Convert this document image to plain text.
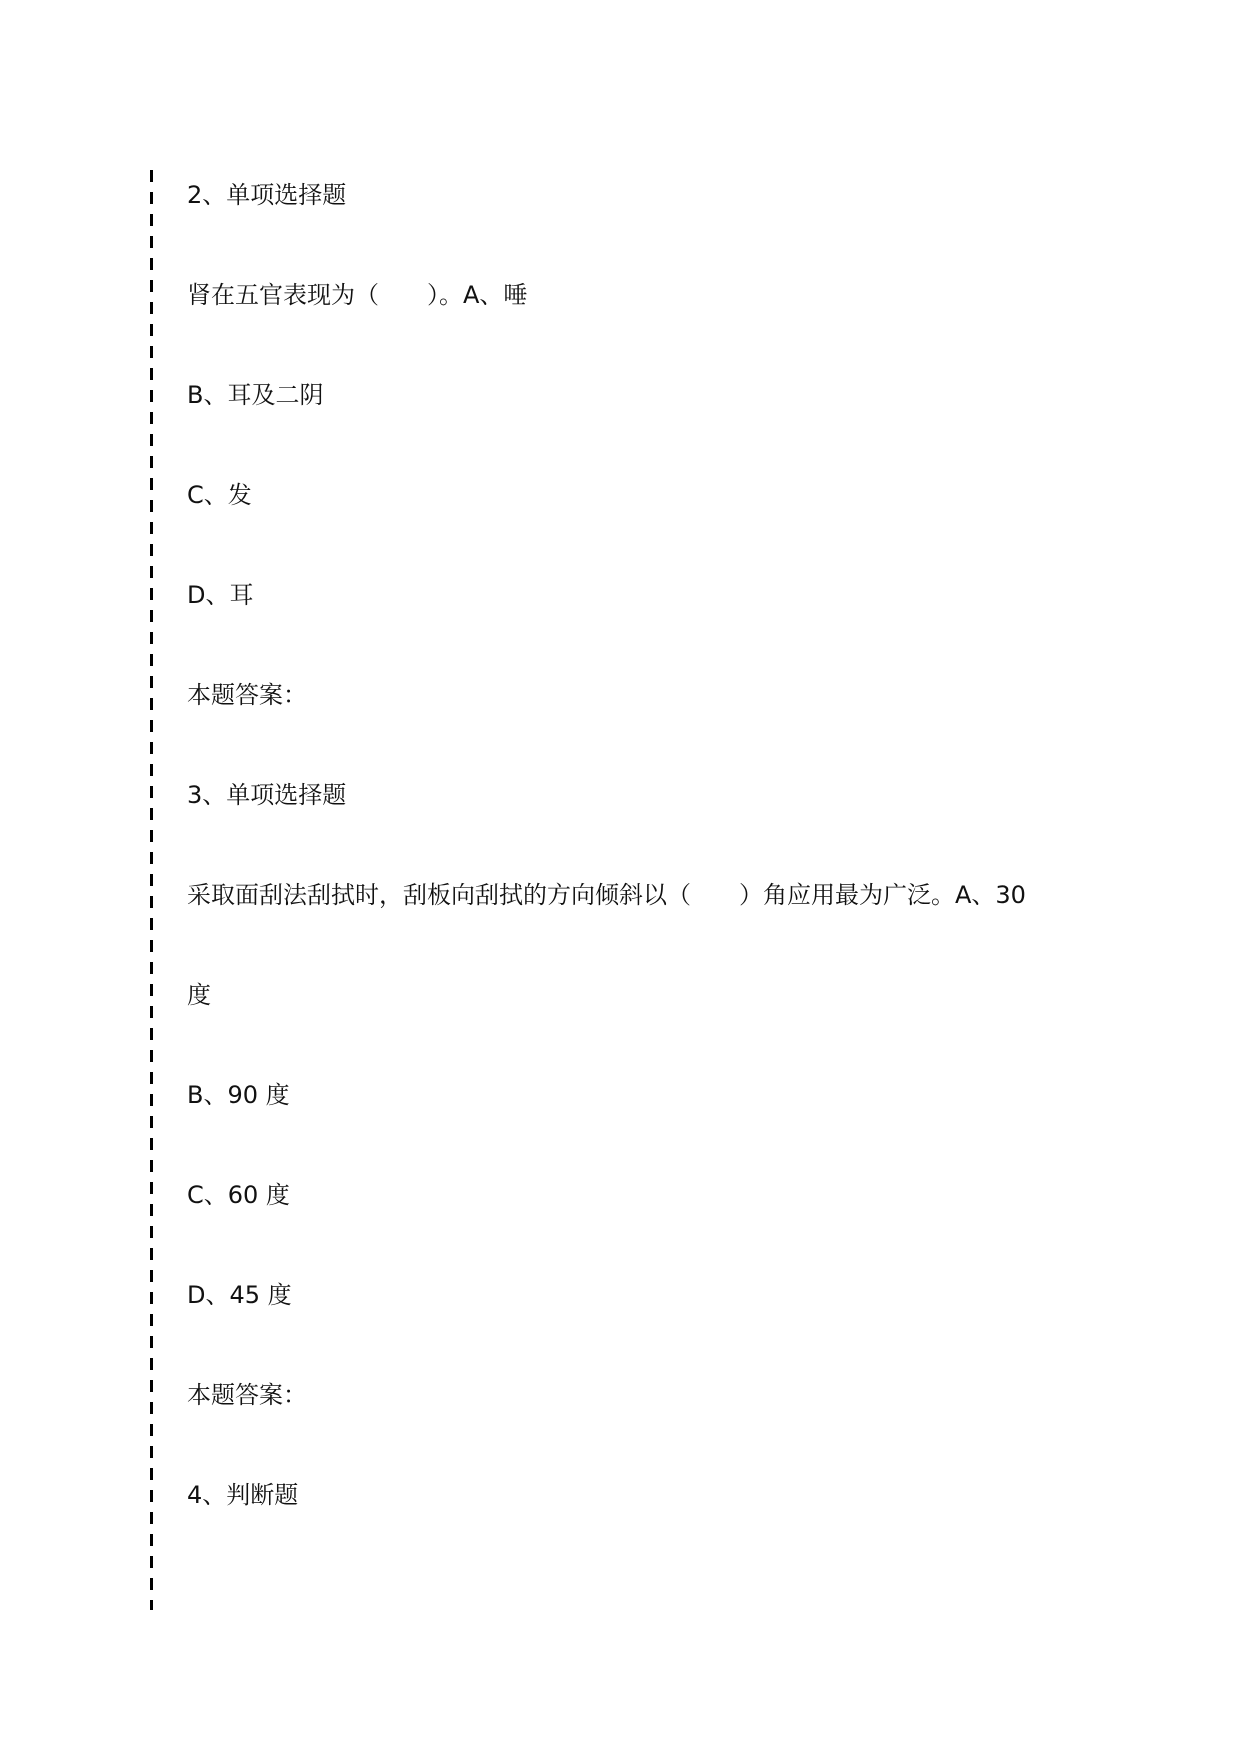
2、单项选择题
肾在五官表现为（　　）。A、唾
B、耳及二阴
C、发
D、耳
本题答案：
3、单项选择题
采取面刮法刮拭时，刮板向刮拭的方向倾斜以（　　）角应用最为广泛。A、30
度
B、90 度
C、60 度
D、45 度
本题答案：
4、判断题
